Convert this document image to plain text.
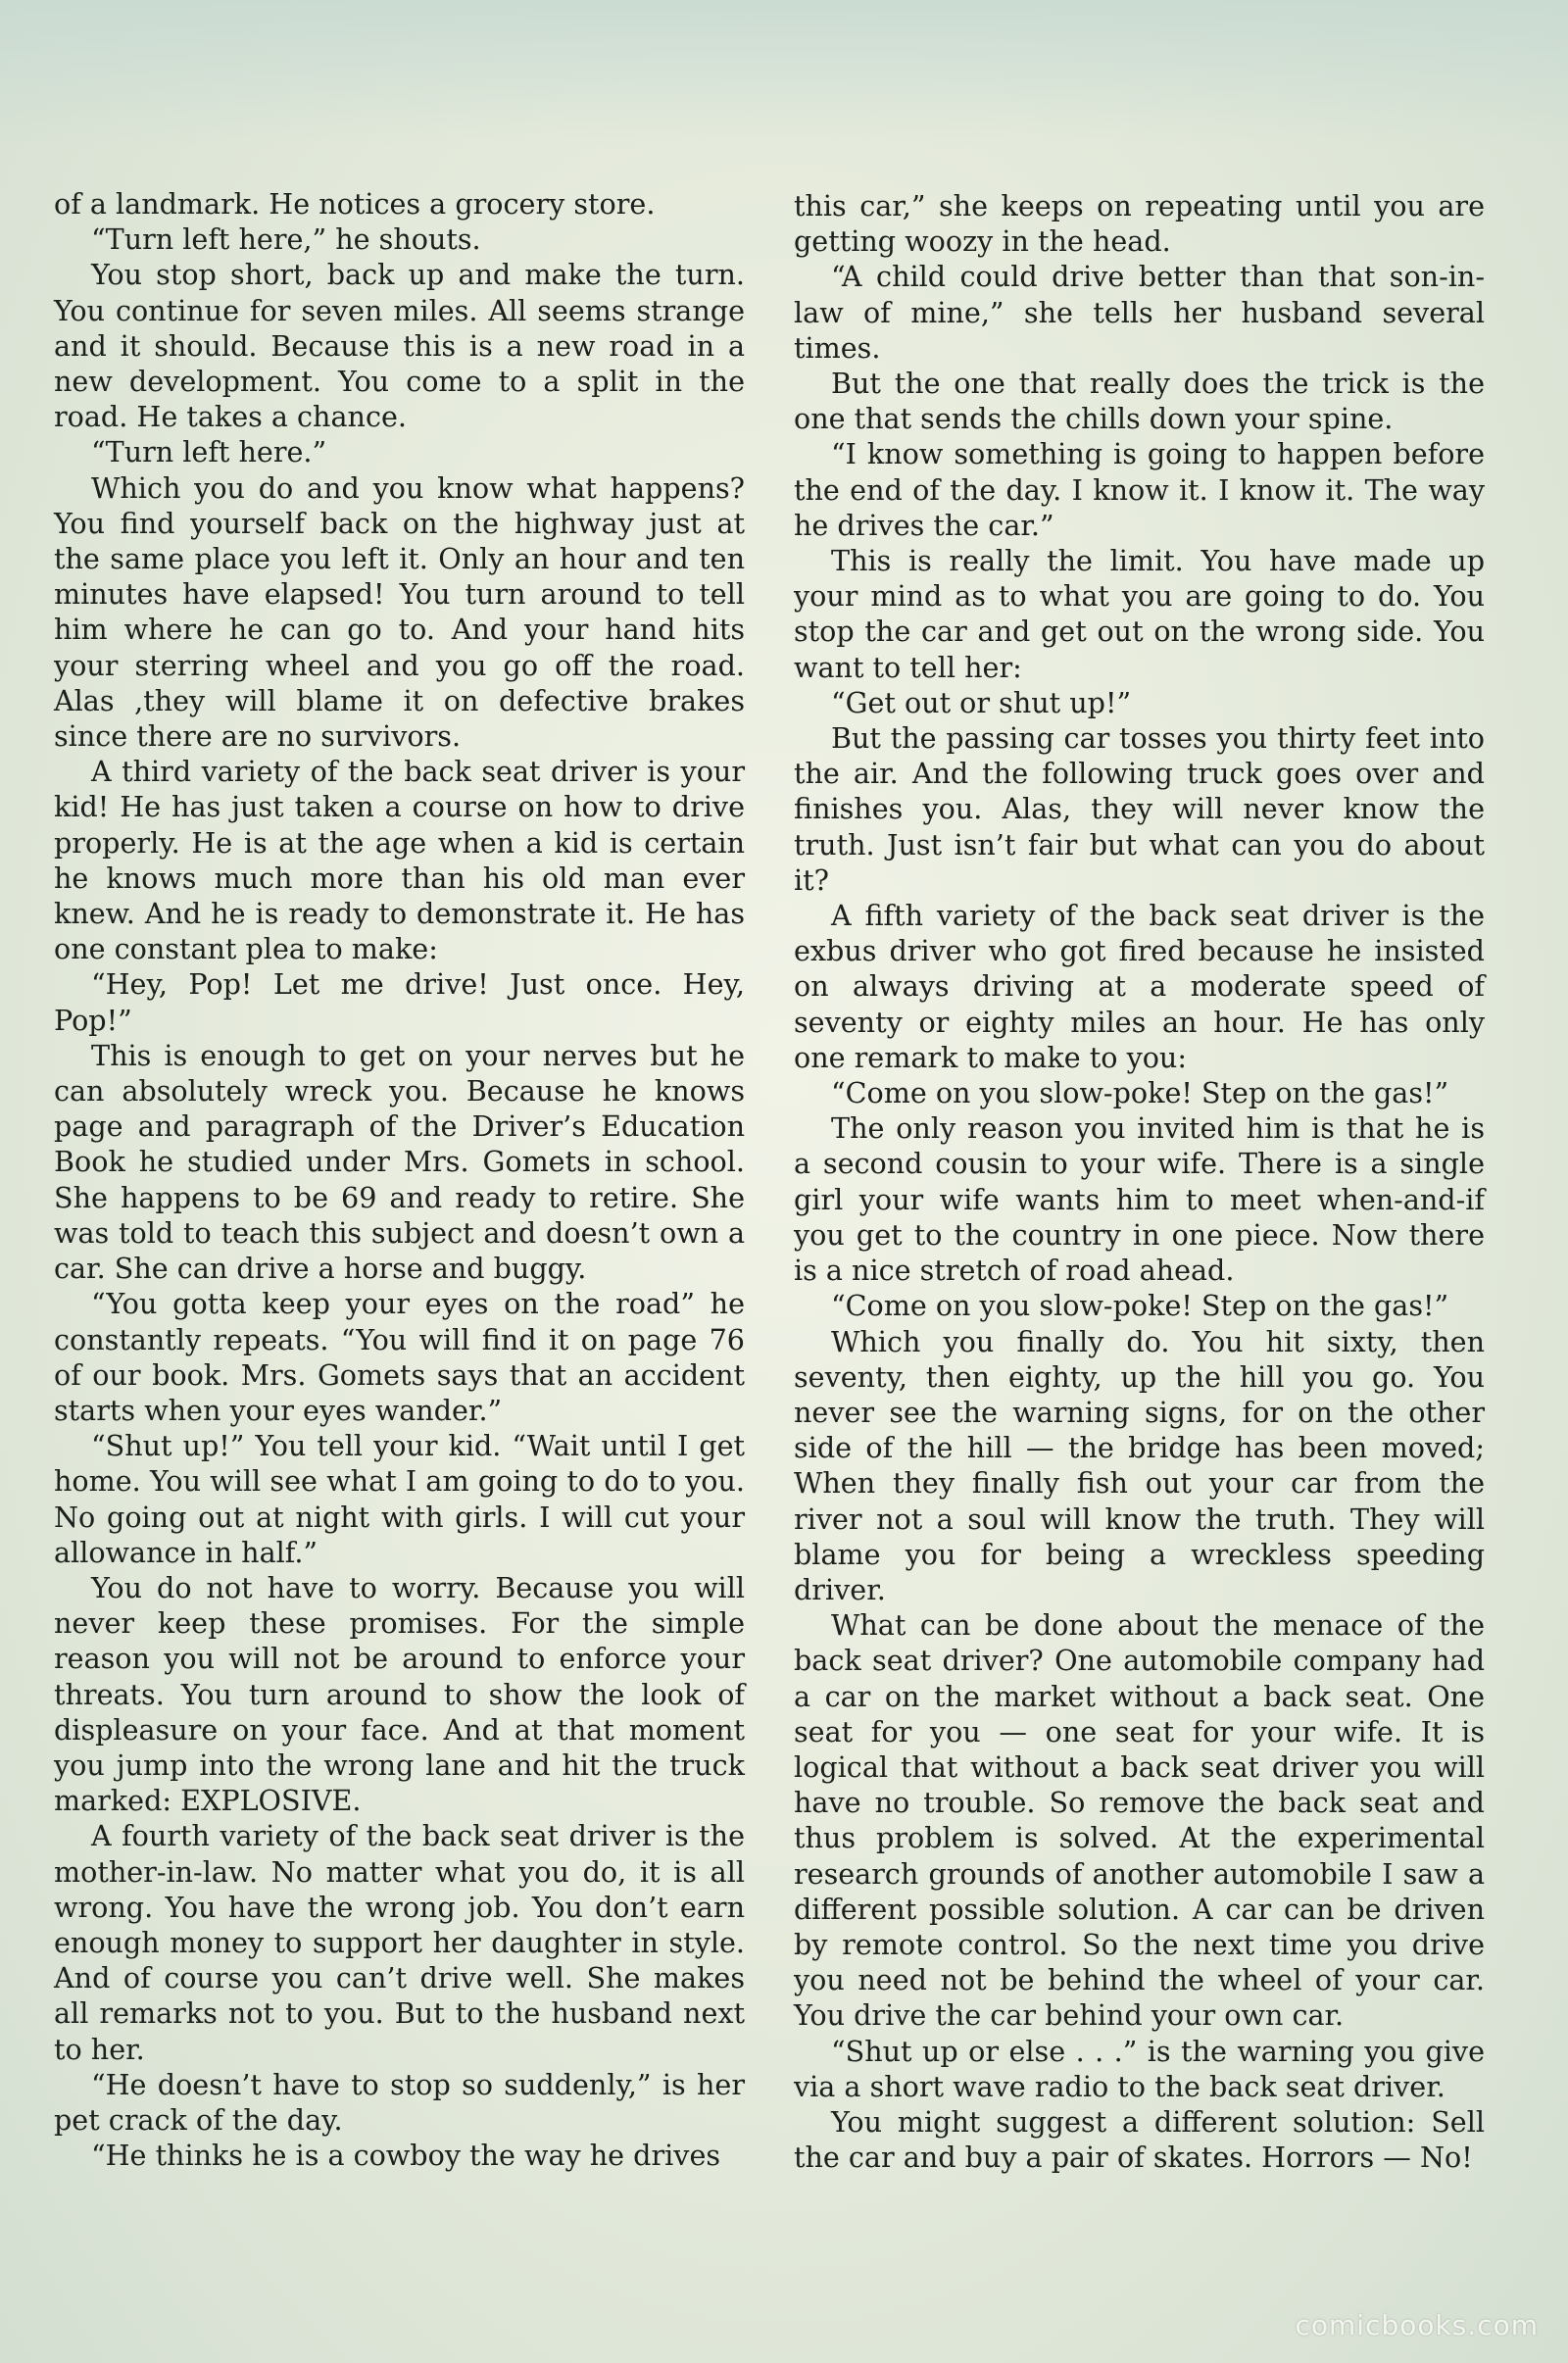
of a landmark. He notices a grocery store.

“Turn left here,” he shouts.

You stop short, back up and make the turn. You continue for seven miles. All seems strange and it should. Because this is a new road in a new development. You come to a split in the road. He takes a chance.

“Turn left here.”

Which you do and you know what happens? You find yourself back on the highway just at the same place you left it. Only an hour and ten minutes have elapsed! You turn around to tell him where he can go to. And your hand hits your sterring wheel and you go off the road. Alas ,they will blame it on defective brakes since there are no survivors.

A third variety of the back seat driver is your kid! He has just taken a course on how to drive properly. He is at the age when a kid is certain he knows much more than his old man ever knew. And he is ready to demonstrate it. He has one constant plea to make:

“Hey, Pop! Let me drive! Just once. Hey, Pop!”

This is enough to get on your nerves but he can absolutely wreck you. Because he knows page and paragraph of the Driver’s Education Book he studied under Mrs. Gomets in school. She happens to be 69 and ready to retire. She was told to teach this subject and doesn’t own a car. She can drive a horse and buggy.

“You gotta keep your eyes on the road” he constantly repeats. “You will find it on page 76 of our book. Mrs. Gomets says that an accident starts when your eyes wander.”

“Shut up!” You tell your kid. “Wait until I get home. You will see what I am going to do to you. No going out at night with girls. I will cut your allowance in half.”

You do not have to worry. Because you will never keep these promises. For the simple reason you will not be around to enforce your threats. You turn around to show the look of displeasure on your face. And at that moment you jump into the wrong lane and hit the truck marked: EXPLOSIVE.

A fourth variety of the back seat driver is the mother-in-law. No matter what you do, it is all wrong. You have the wrong job. You don’t earn enough money to support her daughter in style. And of course you can’t drive well. She makes all remarks not to you. But to the husband next to her.

“He doesn’t have to stop so suddenly,” is her pet crack of the day.

“He thinks he is a cowboy the way he drives

this car,” she keeps on repeating until you are getting woozy in the head.

“A child could drive better than that son-in-law of mine,” she tells her husband several times.

But the one that really does the trick is the one that sends the chills down your spine.

“I know something is going to happen before the end of the day. I know it. I know it. The way he drives the car.”

This is really the limit. You have made up your mind as to what you are going to do. You stop the car and get out on the wrong side. You want to tell her:

“Get out or shut up!”

But the passing car tosses you thirty feet into the air. And the following truck goes over and finishes you. Alas, they will never know the truth. Just isn’t fair but what can you do about it?

A fifth variety of the back seat driver is the exbus driver who got fired because he insisted on always driving at a moderate speed of seventy or eighty miles an hour. He has only one remark to make to you:

“Come on you slow-poke! Step on the gas!”

The only reason you invited him is that he is a second cousin to your wife. There is a single girl your wife wants him to meet when-and-if you get to the country in one piece. Now there is a nice stretch of road ahead.

“Come on you slow-poke! Step on the gas!”

Which you finally do. You hit sixty, then seventy, then eighty, up the hill you go. You never see the warning signs, for on the other side of the hill — the bridge has been moved; When they finally fish out your car from the river not a soul will know the truth. They will blame you for being a wreckless speeding driver.

What can be done about the menace of the back seat driver? One automobile company had a car on the market without a back seat. One seat for you — one seat for your wife. It is logical that without a back seat driver you will have no trouble. So remove the back seat and thus problem is solved. At the experimental research grounds of another automobile I saw a different possible solution. A car can be driven by remote control. So the next time you drive you need not be behind the wheel of your car. You drive the car behind your own car.

“Shut up or else . . .” is the warning you give via a short wave radio to the back seat driver.

You might suggest a different solution: Sell the car and buy a pair of skates. Horrors — No!

comicbooks.com
